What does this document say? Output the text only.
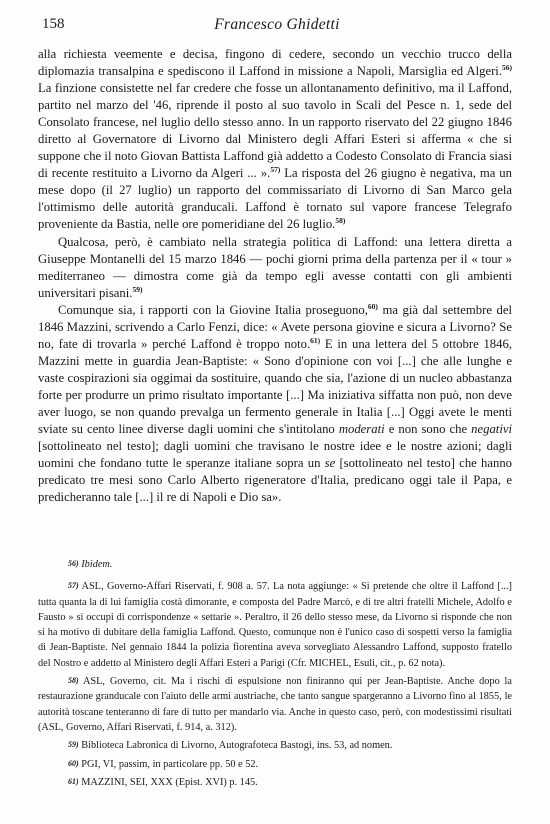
158	Francesco Ghidetti

alla richiesta veemente e decisa, fingono di cedere, secondo un vecchio trucco della diplomazia transalpina e spediscono il Laffond in missione a Napoli, Marsiglia ed Algeri.$^{56)}$ La finzione consistette nel far credere che fosse un allontanamento definitivo, ma il Laffond, partito nel marzo del '46, riprende il posto al suo tavolo in Scali del Pesce n. 1, sede del Consolato francese, nel luglio dello stesso anno. In un rapporto riservato del 22 giugno 1846 diretto al Governatore di Livorno dal Ministero degli Affari Esteri si afferma « che si suppone che il noto Giovan Battista Laffond già addetto a Codesto Consolato di Francia siasi di recente restituito a Livorno da Algeri ... ».$^{57)}$ La risposta del 26 giugno è negativa, ma un mese dopo (il 27 luglio) un rapporto del commissariato di Livorno di San Marco gela l'ottimismo delle autorità granducali. Laffond è tornato sul vapore francese Telegrafo proveniente da Bastia, nelle ore pomeridiane del 26 luglio.$^{58)}$

Qualcosa, però, è cambiato nella strategia politica di Laffond: una lettera diretta a Giuseppe Montanelli del 15 marzo 1846 — pochi giorni prima della partenza per il « tour » mediterraneo — dimostra come già da tempo egli avesse contatti con gli ambienti universitari pisani.$^{59)}$

Comunque sia, i rapporti con la Giovine Italia proseguono,$^{60)}$ ma già dal settembre del 1846 Mazzini, scrivendo a Carlo Fenzi, dice: « Avete persona giovine e sicura a Livorno? Se no, fate di trovarla » perché Laffond è troppo noto.$^{61)}$ E in una lettera del 5 ottobre 1846, Mazzini mette in guardia Jean-Baptiste: « Sono d'opinione con voi [...] che alle lunghe e vaste cospirazioni sia oggimai da sostituire, quando che sia, l'azione di un nucleo abbastanza forte per produrre un primo risultato importante [...] Ma iniziativa siffatta non può, non deve aver luogo, se non quando prevalga un fermento generale in Italia [...] Oggi avete le menti sviate su cento linee diverse dagli uomini che s'intitolano moderati e non sono che negativi [sottolineato nel testo]; dagli uomini che travisano le nostre idee e le nostre azioni; dagli uomini che fondano tutte le speranze italiane sopra un se [sottolineato nel testo] che hanno predicato tre mesi sono Carlo Alberto rigeneratore d'Italia, predicano oggi tale il Papa, e predicheranno tale [...] il re di Napoli e Dio sa».

56) Ibidem.

57) ASL, Governo-Affari Riservati, f. 908 a. 57. La nota aggiunge: « Si pretende che oltre il Laffond [...] tutta quanta la di lui famiglia costà dimorante, e composta del Padre Marcò, e di tre altri fratelli Michele, Adolfo e Fausto » si occupi di corrispondenze « settarie ». Peraltro, il 26 dello stesso mese, da Livorno si risponde che non si ha motivo di dubitare della famiglia Laffond. Questo, comunque non è l'unico caso di sospetti verso la famiglia di Jean-Baptiste. Nel gennaio 1844 la polizia fiorentina aveva sorvegliato Alessandro Laffond, supposto fratello del Nostro e addetto al Ministero degli Affari Esteri a Parigi (Cfr. MICHEL, Esuli, cit., p. 62 nota).

58) ASL, Governo, cit. Ma i rischi di espulsione non finiranno qui per Jean-Baptiste. Anche dopo la restaurazione granducale con l'aiuto delle armi austriache, che tanto sangue spargeranno a Livorno fino al 1855, le autorità toscane tenteranno di fare di tutto per mandarlo via. Anche in questo caso, però, con modestissimi risultati (ASL, Governo, Affari Riservati, f. 914, a. 312).

59) Biblioteca Labronica di Livorno, Autografoteca Bastogi, ins. 53, ad nomen.

60) PGI, VI, passim, in particolare pp. 50 e 52.

61) MAZZINI, SEI, XXX (Epist. XVI) p. 145.
